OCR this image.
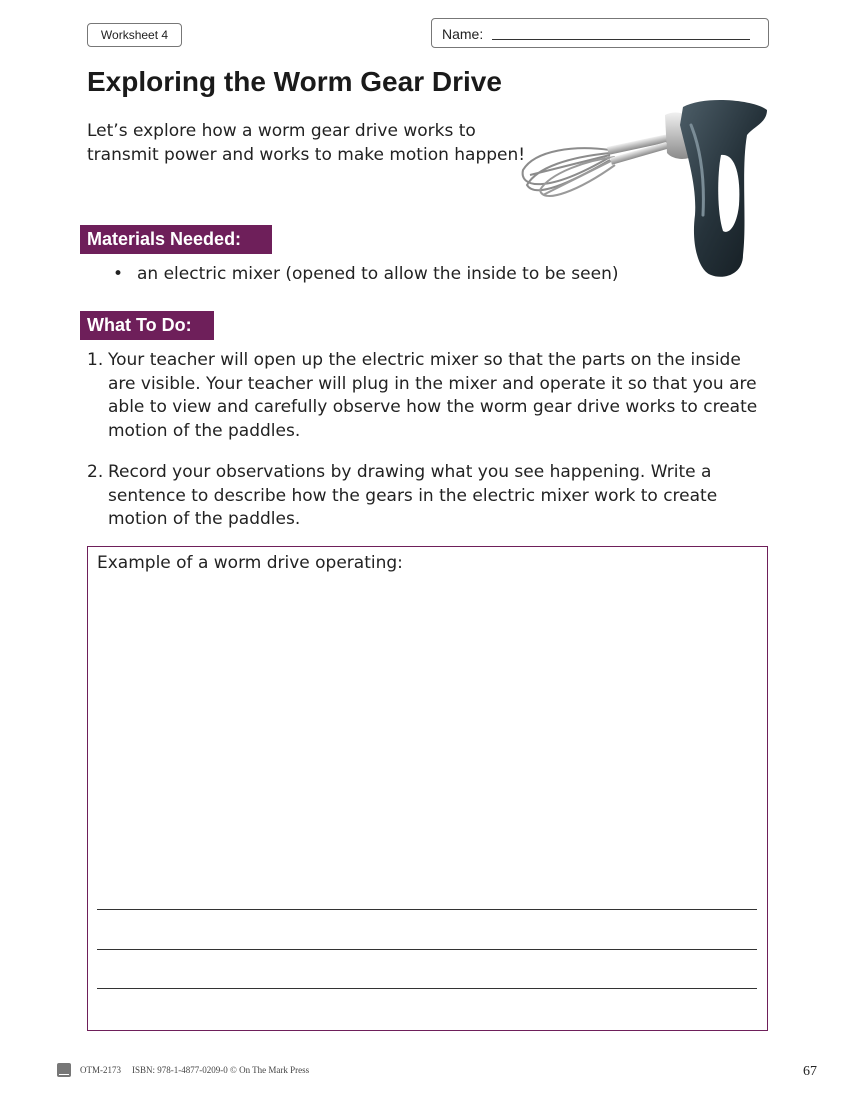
Worksheet 4	Name:
Exploring the Worm Gear Drive

Let’s explore how a worm gear drive works to transmit power and works to make motion happen!

Materials Needed:
• an electric mixer (opened to allow the inside to be seen)
What To Do:
1. Your teacher will open up the electric mixer so that the parts on the inside are visible. Your teacher will plug in the mixer and operate it so that you are able to view and carefully observe how the worm gear drive works to create motion of the paddles.
2. Record your observations by drawing what you see happening. Write a sentence to describe how the gears in the electric mixer work to create motion of the paddles.
Example of a worm drive operating:
OTM-2173 ISBN: 978-1-4877-0209-0 © On The Mark Press	67
